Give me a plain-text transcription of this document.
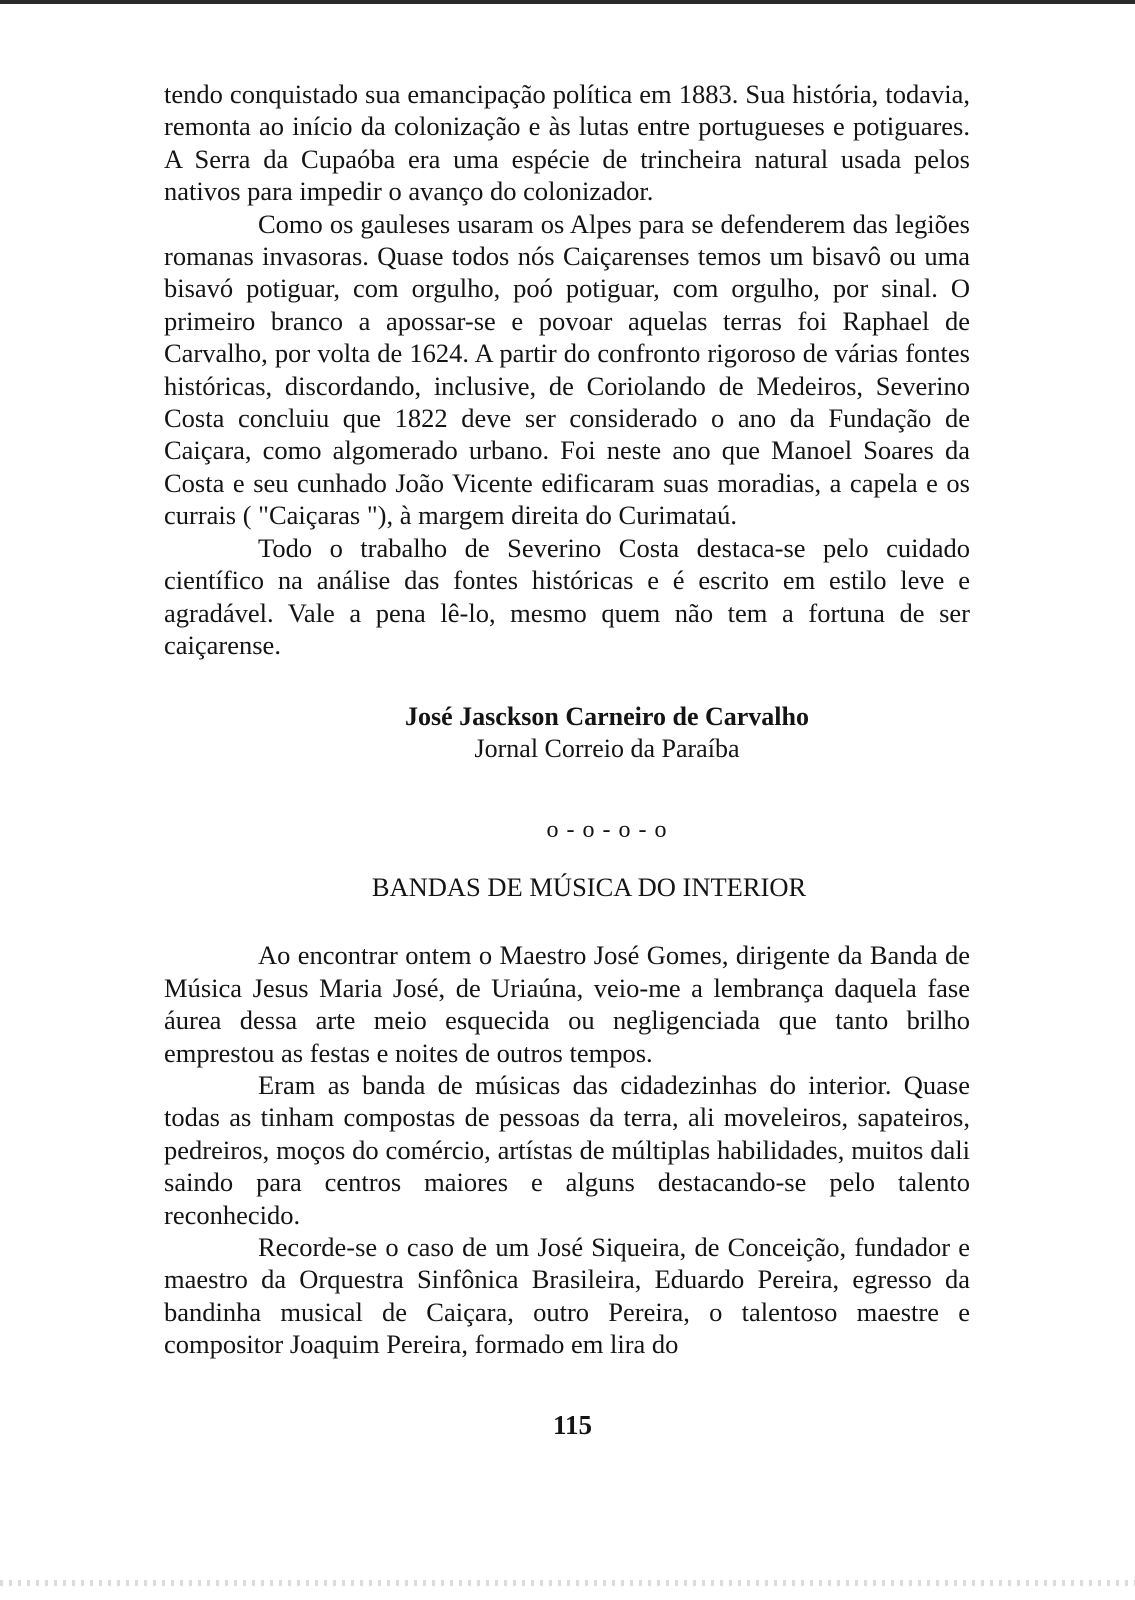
tendo conquistado sua emancipação política em 1883. Sua história, todavia, remonta ao início da colonização e às lutas entre portugueses e potiguares. A Serra da Cupaóba era uma espécie de trincheira natural usada pelos nativos para impedir o avanço do colonizador.

Como os gauleses usaram os Alpes para se defenderem das legiões romanas invasoras. Quase todos nós Caiçarenses temos um bisavô ou uma bisavó potiguar, com orgulho, poó potiguar, com orgulho, por sinal. O primeiro branco a apossar-se e povoar aquelas terras foi Raphael de Carvalho, por volta de 1624. A partir do confronto rigoroso de várias fontes históricas, discordando, inclusive, de Coriolando de Medeiros, Severino Costa concluiu que 1822 deve ser considerado o ano da Fundação de Caiçara, como algomerado urbano. Foi neste ano que Manoel Soares da Costa e seu cunhado João Vicente edificaram suas moradias, a capela e os currais ( "Caiçaras "), à margem direita do Curimataú.

Todo o trabalho de Severino Costa destaca-se pelo cuidado científico na análise das fontes históricas e é escrito em estilo leve e agradável. Vale a pena lê-lo, mesmo quem não tem a fortuna de ser caiçarense.

José Jasckson Carneiro de Carvalho
Jornal Correio da Paraíba
o - o - o - o
BANDAS DE MÚSICA DO INTERIOR

Ao encontrar ontem o Maestro José Gomes, dirigente da Banda de Música Jesus Maria José, de Uriaúna, veio-me a lembrança daquela fase áurea dessa arte meio esquecida ou negligenciada que tanto brilho emprestou as festas e noites de outros tempos.

Eram as banda de músicas das cidadezinhas do interior. Quase todas as tinham compostas de pessoas da terra, ali moveleiros, sapateiros, pedreiros, moços do comércio, artístas de múltiplas habilidades, muitos dali saindo para centros maiores e alguns destacando-se pelo talento reconhecido.

Recorde-se o caso de um José Siqueira, de Conceição, fundador e maestro da Orquestra Sinfônica Brasileira, Eduardo Pereira, egresso da bandinha musical de Caiçara, outro Pereira, o talentoso maestre e compositor Joaquim Pereira, formado em lira do

115
